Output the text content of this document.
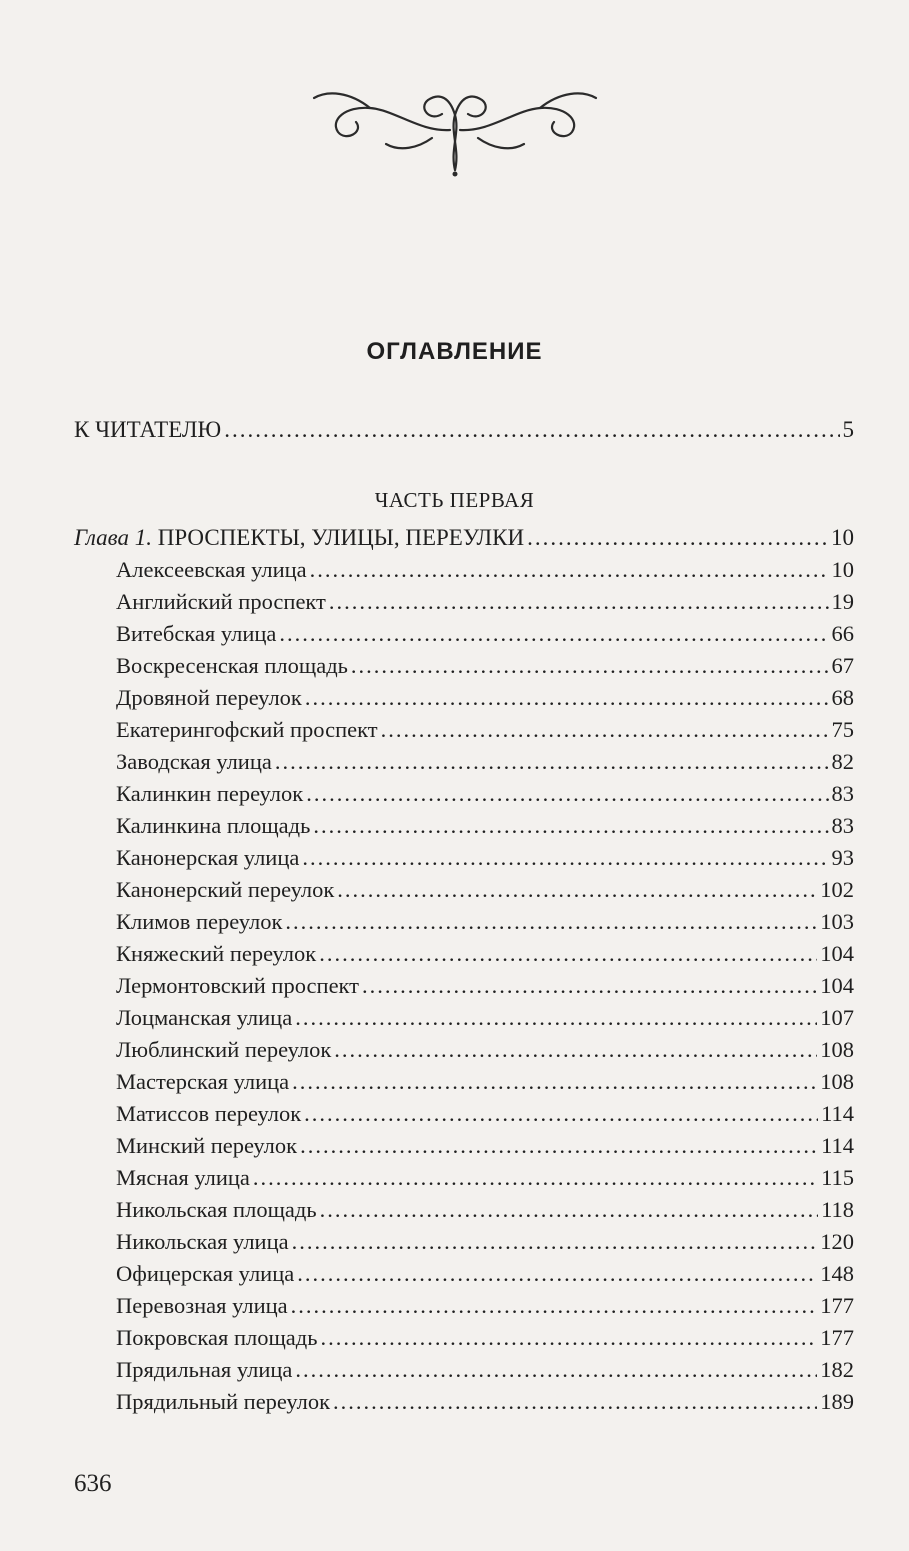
ОГЛАВЛЕНИЕ
К ЧИТАТЕЛЮ .....	5
ЧАСТЬ ПЕРВАЯ
Глава 1. ПРОСПЕКТЫ, УЛИЦЫ, ПЕРЕУЛКИ .....	10
Алексеевская улица .....	10
Английский проспект .....	19
Витебская улица .....	66
Воскресенская площадь .....	67
Дровяной переулок .....	68
Екатерингофский проспект .....	75
Заводская улица .....	82
Калинкин переулок .....	83
Калинкина площадь .....	83
Канонерская улица .....	93
Канонерский переулок .....	102
Климов переулок .....	103
Княжеский переулок .....	104
Лермонтовский проспект .....	104
Лоцманская улица .....	107
Люблинский переулок .....	108
Мастерская улица .....	108
Матиссов переулок .....	114
Минский переулок .....	114
Мясная улица .....	115
Никольская площадь .....	118
Никольская улица .....	120
Офицерская улица .....	148
Перевозная улица .....	177
Покровская площадь .....	177
Прядильная улица .....	182
Прядильный переулок .....	189
636
